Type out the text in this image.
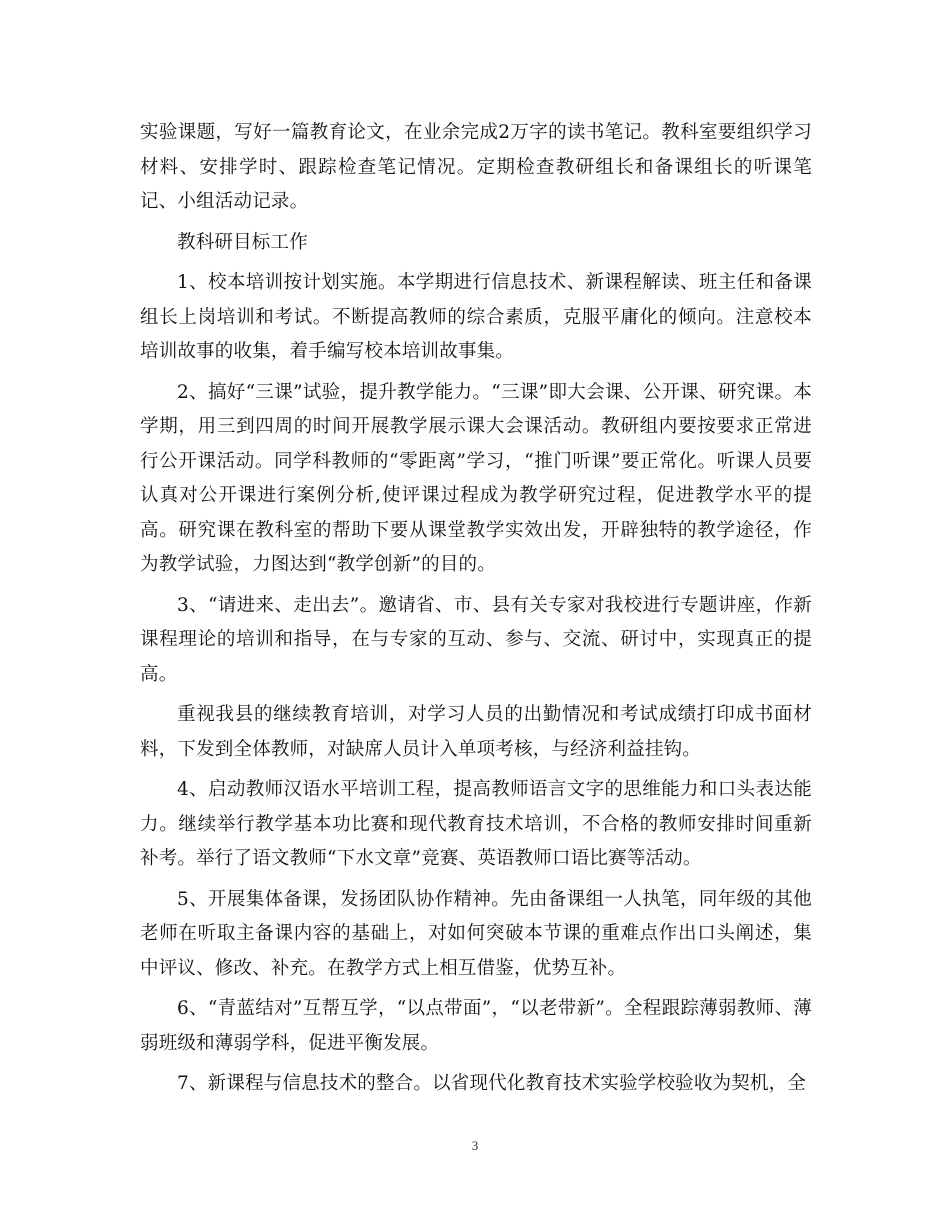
实验课题，写好一篇教育论文，在业余完成2万字的读书笔记。教科室要组织学习材料、安排学时、跟踪检查笔记情况。定期检查教研组长和备课组长的听课笔记、小组活动记录。

教科研目标工作

1、校本培训按计划实施。本学期进行信息技术、新课程解读、班主任和备课组长上岗培训和考试。不断提高教师的综合素质，克服平庸化的倾向。注意校本培训故事的收集，着手编写校本培训故事集。

2、搞好“三课”试验，提升教学能力。“三课”即大会课、公开课、研究课。本学期，用三到四周的时间开展教学展示课大会课活动。教研组内要按要求正常进行公开课活动。同学科教师的“零距离”学习，“推门听课”要正常化。听课人员要认真对公开课进行案例分析,使评课过程成为教学研究过程，促进教学水平的提高。研究课在教科室的帮助下要从课堂教学实效出发，开辟独特的教学途径，作为教学试验，力图达到“教学创新”的目的。

3、“请进来、走出去”。邀请省、市、县有关专家对我校进行专题讲座，作新课程理论的培训和指导，在与专家的互动、参与、交流、研讨中，实现真正的提高。

重视我县的继续教育培训，对学习人员的出勤情况和考试成绩打印成书面材料，下发到全体教师，对缺席人员计入单项考核，与经济利益挂钩。

4、启动教师汉语水平培训工程，提高教师语言文字的思维能力和口头表达能力。继续举行教学基本功比赛和现代教育技术培训，不合格的教师安排时间重新补考。举行了语文教师“下水文章”竞赛、英语教师口语比赛等活动。

5、开展集体备课，发扬团队协作精神。先由备课组一人执笔，同年级的其他老师在听取主备课内容的基础上，对如何突破本节课的重难点作出口头阐述，集中评议、修改、补充。在教学方式上相互借鉴，优势互补。

6、“青蓝结对”互帮互学，“以点带面”，“以老带新”。全程跟踪薄弱教师、薄弱班级和薄弱学科，促进平衡发展。

7、新课程与信息技术的整合。以省现代化教育技术实验学校验收为契机，全

3
